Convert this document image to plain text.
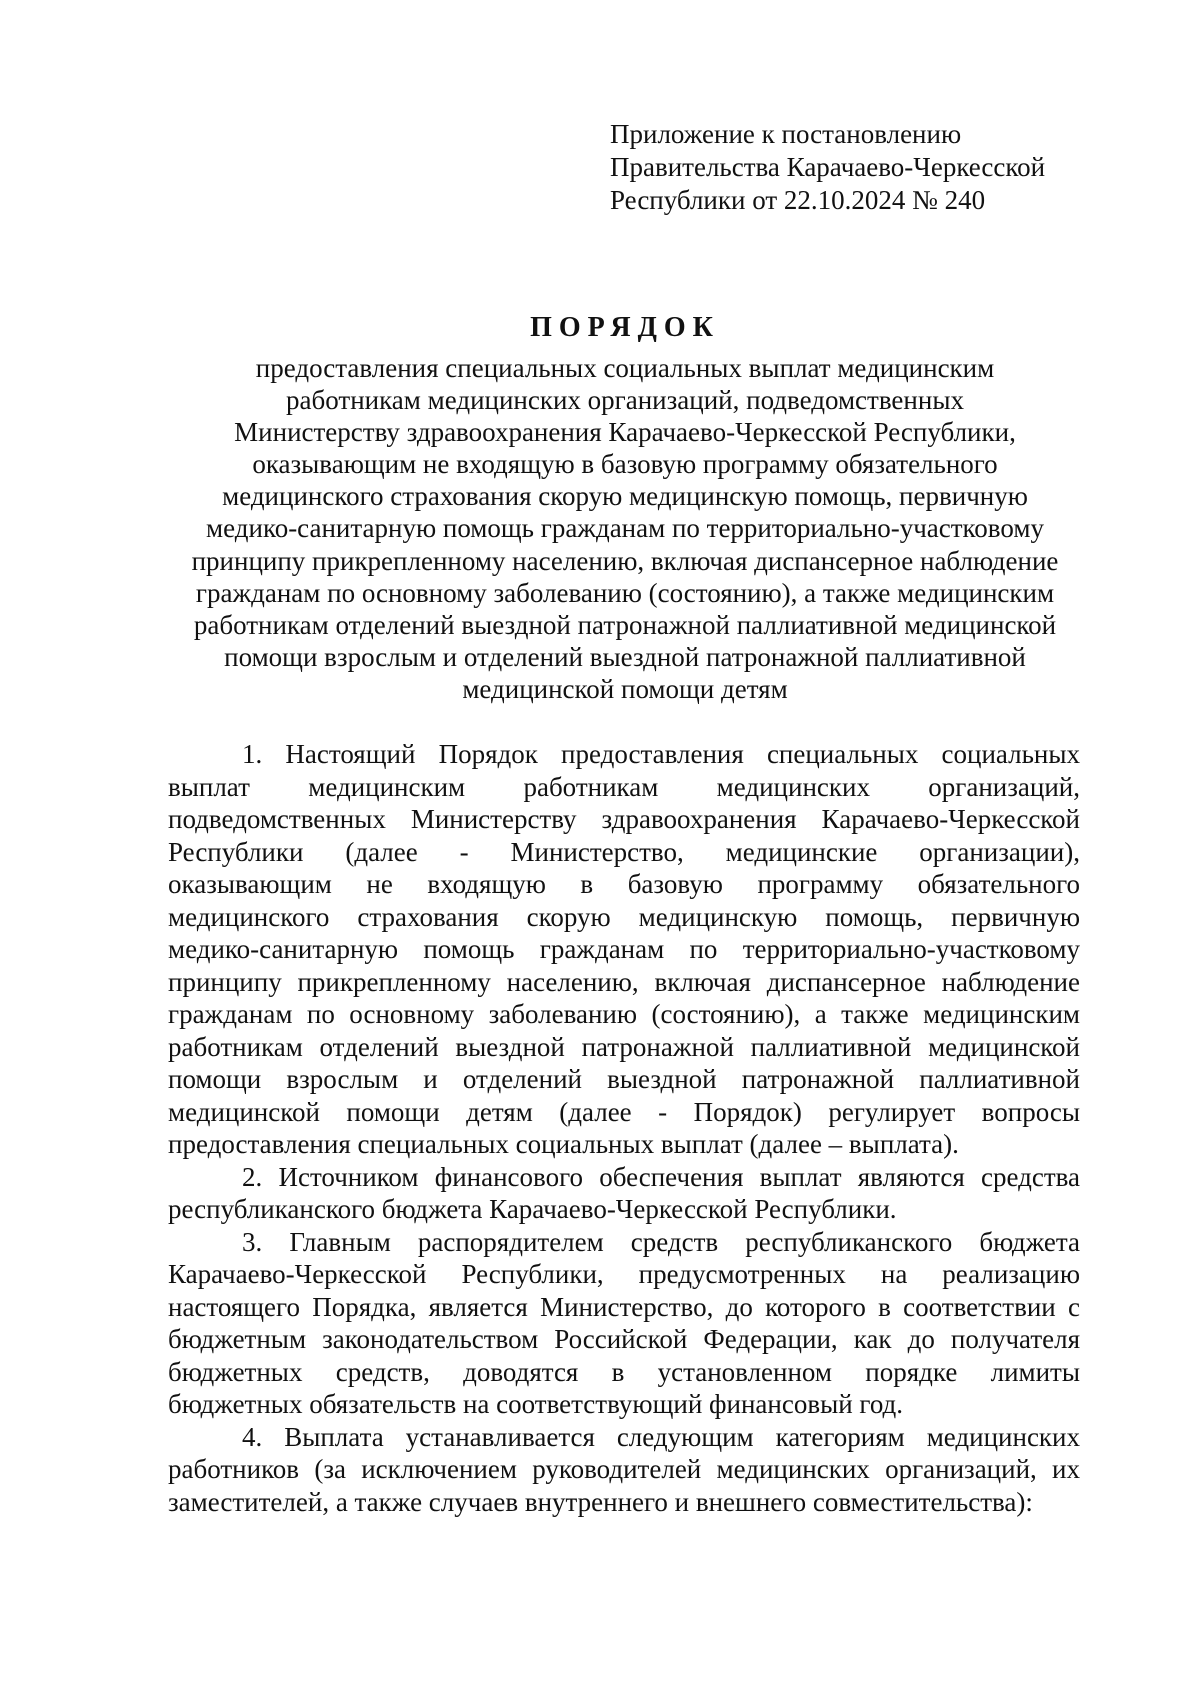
Приложение к постановлению
Правительства Карачаево-Черкесской
Республики от 22.10.2024 № 240
ПОРЯДОК
предоставления специальных социальных выплат медицинским
работникам медицинских организаций, подведомственных
Министерству здравоохранения Карачаево-Черкесской Республики,
оказывающим не входящую в базовую программу обязательного
медицинского страхования скорую медицинскую помощь, первичную
медико-санитарную помощь гражданам по территориально-участковому
принципу прикрепленному населению, включая диспансерное наблюдение
гражданам по основному заболеванию (состоянию), а также медицинским
работникам отделений выездной патронажной паллиативной медицинской
помощи взрослым и отделений выездной патронажной паллиативной
медицинской помощи детям
1. Настоящий Порядок предоставления специальных социальных
выплат медицинским работникам медицинских организаций,
подведомственных Министерству здравоохранения Карачаево-Черкесской
Республики (далее - Министерство, медицинские организации),
оказывающим не входящую в базовую программу обязательного
медицинского страхования скорую медицинскую помощь, первичную
медико-санитарную помощь гражданам по территориально-участковому
принципу прикрепленному населению, включая диспансерное наблюдение
гражданам по основному заболеванию (состоянию), а также медицинским
работникам отделений выездной патронажной паллиативной медицинской
помощи взрослым и отделений выездной патронажной паллиативной
медицинской помощи детям (далее - Порядок) регулирует вопросы
предоставления специальных социальных выплат (далее – выплата).
2. Источником финансового обеспечения выплат являются средства
республиканского бюджета Карачаево-Черкесской Республики.
3. Главным распорядителем средств республиканского бюджета
Карачаево-Черкесской Республики, предусмотренных на реализацию
настоящего Порядка, является Министерство, до которого в соответствии с
бюджетным законодательством Российской Федерации, как до получателя
бюджетных средств, доводятся в установленном порядке лимиты
бюджетных обязательств на соответствующий финансовый год.
4. Выплата устанавливается следующим категориям медицинских
работников (за исключением руководителей медицинских организаций, их
заместителей, а также случаев внутреннего и внешнего совместительства):
